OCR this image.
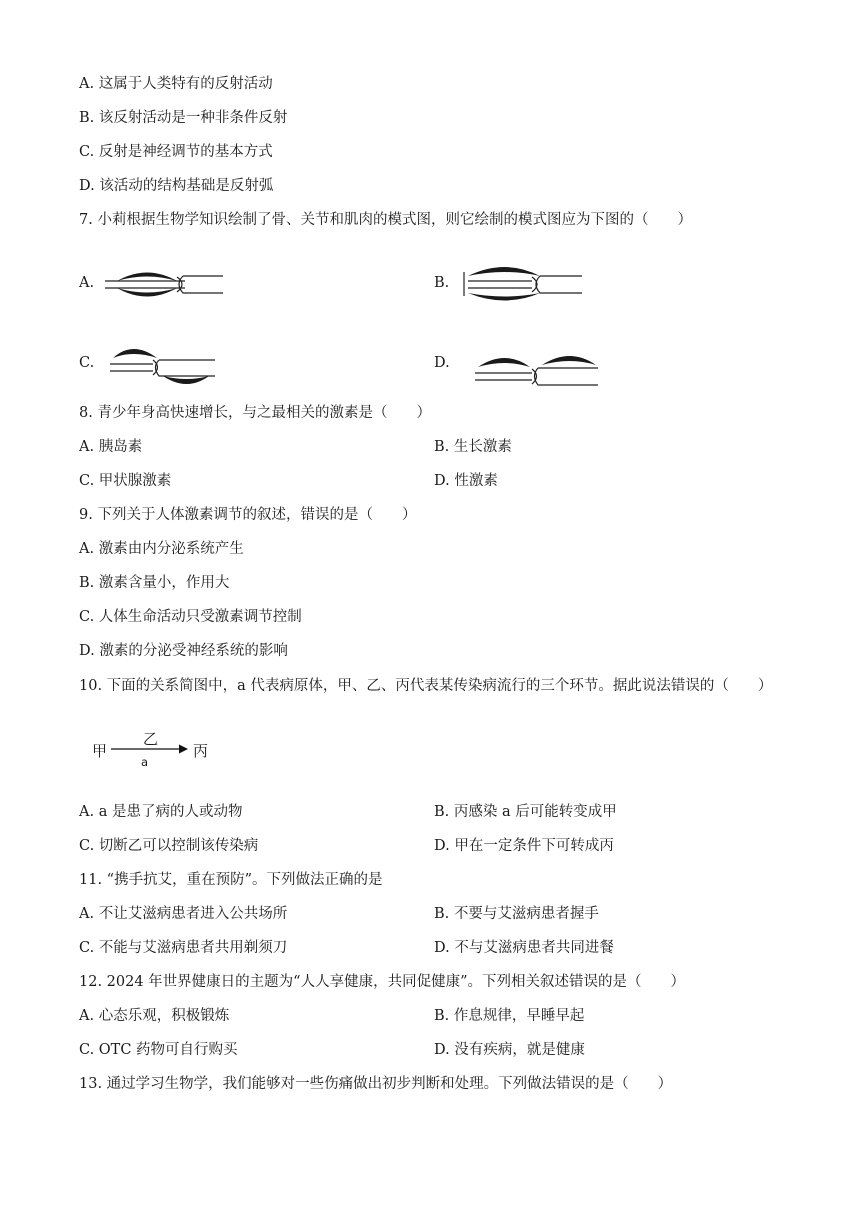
A. 这属于人类特有的反射活动
B. 该反射活动是一种非条件反射
C. 反射是神经调节的基本方式
D. 该活动的结构基础是反射弧
7. 小莉根据生物学知识绘制了骨、关节和肌肉的模式图，则它绘制的模式图应为下图的（　　）
A.	B.
C.	D.
8. 青少年身高快速增长，与之最相关的激素是（　　）
A. 胰岛素	B. 生长激素
C. 甲状腺激素	D. 性激素
9. 下列关于人体激素调节的叙述，错误的是（　　）
A. 激素由内分泌系统产生
B. 激素含量小，作用大
C. 人体生命活动只受激素调节控制
D. 激素的分泌受神经系统的影响
10. 下面的关系简图中，a 代表病原体，甲、乙、丙代表某传染病流行的三个环节。据此说法错误的（　　）
甲
乙
a
丙
A. a 是患了病的人或动物	B. 丙感染 a 后可能转变成甲
C. 切断乙可以控制该传染病	D. 甲在一定条件下可转成丙
11. “携手抗艾，重在预防”。下列做法正确的是
A. 不让艾滋病患者进入公共场所	B. 不要与艾滋病患者握手
C. 不能与艾滋病患者共用剃须刀	D. 不与艾滋病患者共同进餐
12. 2024 年世界健康日的主题为“人人享健康，共同促健康”。下列相关叙述错误的是（　　）
A. 心态乐观，积极锻炼	B. 作息规律，早睡早起
C. OTC 药物可自行购买	D. 没有疾病，就是健康
13. 通过学习生物学，我们能够对一些伤痛做出初步判断和处理。下列做法错误的是（　　）
